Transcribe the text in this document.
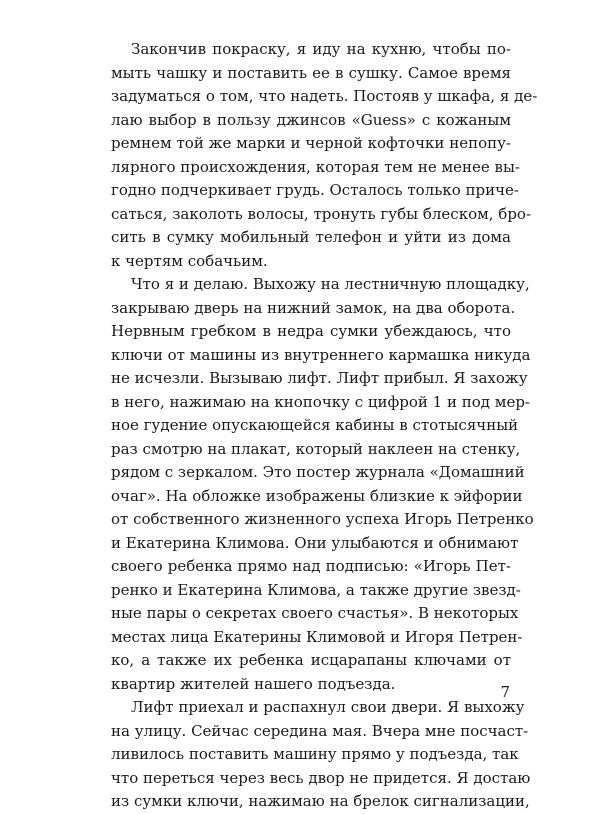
Закончив покраску, я иду на кухню, чтобы по-
мыть чашку и поставить ее в сушку. Самое время
задуматься о том, что надеть. Постояв у шкафа, я де-
лаю выбор в пользу джинсов «Guess» с кожаным
ремнем той же марки и черной кофточки непопу-
лярного происхождения, которая тем не менее вы-
годно подчеркивает грудь. Осталось только приче-
саться, заколоть волосы, тронуть губы блеском, бро-
сить в сумку мобильный телефон и уйти из дома
к чертям собачьим.
Что я и делаю. Выхожу на лестничную площадку,
закрываю дверь на нижний замок, на два оборота.
Нервным гребком в недра сумки убеждаюсь, что
ключи от машины из внутреннего кармашка никуда
не исчезли. Вызываю лифт. Лифт прибыл. Я захожу
в него, нажимаю на кнопочку с цифрой 1 и под мер-
ное гудение опускающейся кабины в стотысячный
раз смотрю на плакат, который наклеен на стенку,
рядом с зеркалом. Это постер журнала «Домашний
очаг». На обложке изображены близкие к эйфории
от собственного жизненного успеха Игорь Петренко
и Екатерина Климова. Они улыбаются и обнимают
своего ребенка прямо над подписью: «Игорь Пет-
ренко и Екатерина Климова, а также другие звезд-
ные пары о секретах своего счастья». В некоторых
местах лица Екатерины Климовой и Игоря Петрен-
ко, а также их ребенка исцарапаны ключами от
квартир жителей нашего подъезда.
Лифт приехал и распахнул свои двери. Я выхожу
на улицу. Сейчас середина мая. Вчера мне посчаст-
ливилось поставить машину прямо у подъезда, так
что переться через весь двор не придется. Я достаю
из сумки ключи, нажимаю на брелок сигнализации,
7
